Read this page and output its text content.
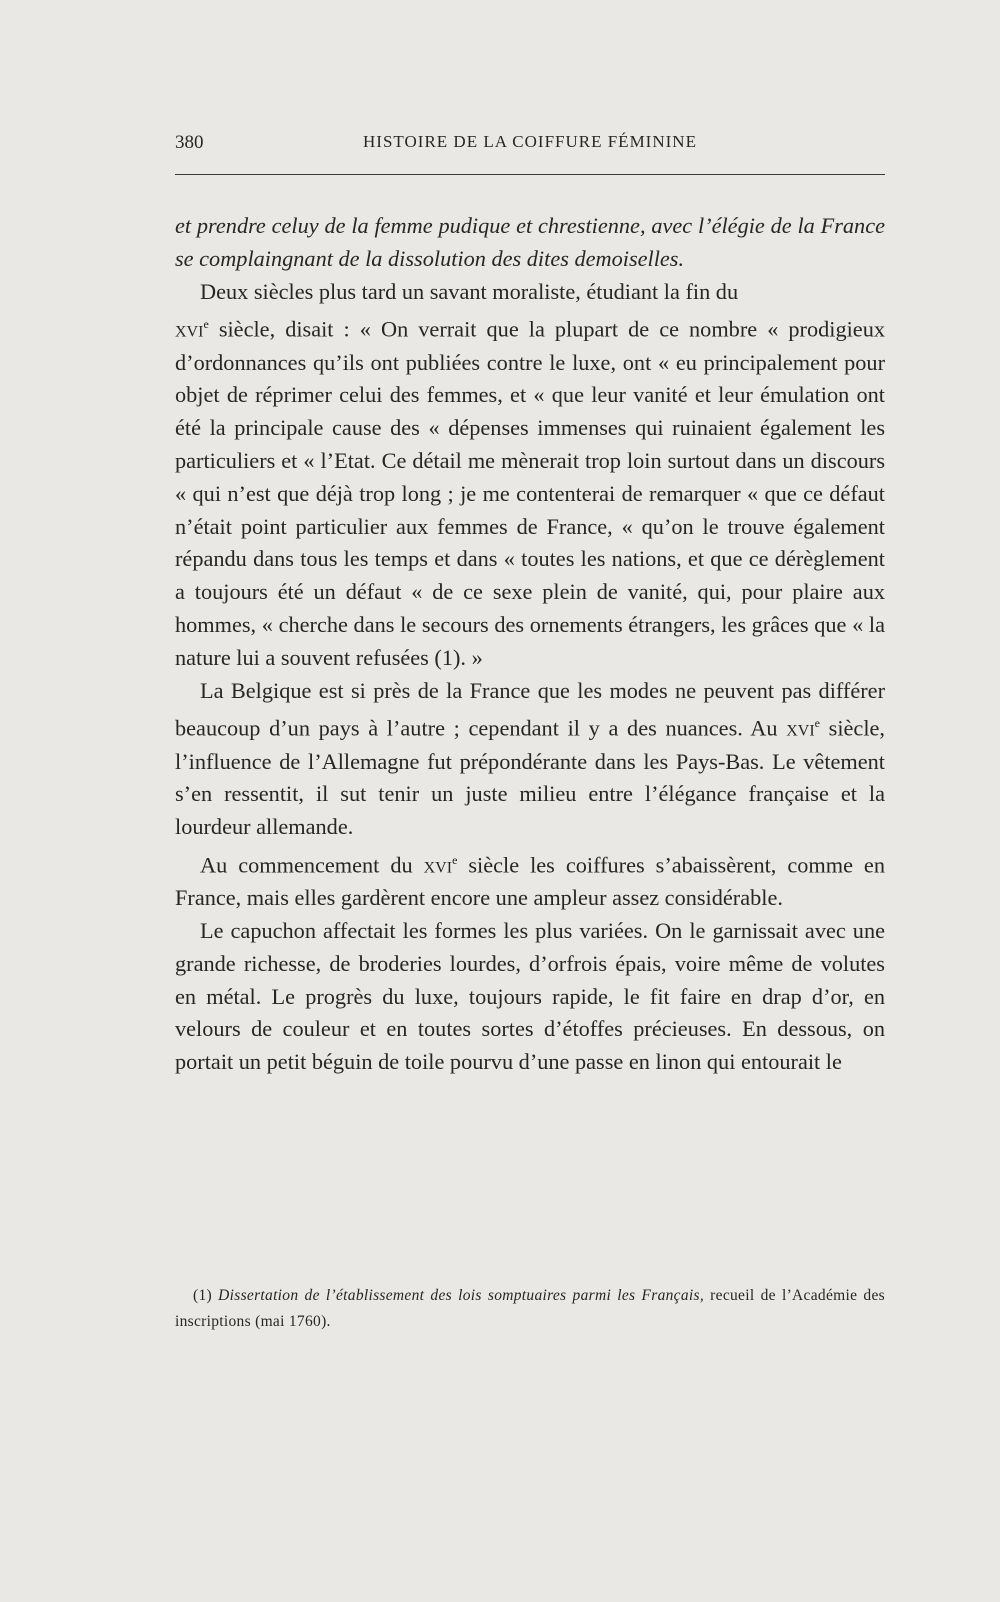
380	HISTOIRE DE LA COIFFURE FÉMININE

et prendre celuy de la femme pudique et chrestienne, avec l’élégie de la France se complaingnant de la dissolution des dites demoiselles.

Deux siècles plus tard un savant moraliste, étudiant la fin du
xvi$^e$ siècle, disait : « On verrait que la plupart de ce nombre « prodigieux d’ordonnances qu’ils ont publiées contre le luxe, ont « eu principalement pour objet de réprimer celui des femmes, et « que leur vanité et leur émulation ont été la principale cause des « dépenses immenses qui ruinaient également les particuliers et « l’Etat. Ce détail me mènerait trop loin surtout dans un discours « qui n’est que déjà trop long ; je me contenterai de remarquer « que ce défaut n’était point particulier aux femmes de France, « qu’on le trouve également répandu dans tous les temps et dans « toutes les nations, et que ce dérèglement a toujours été un défaut « de ce sexe plein de vanité, qui, pour plaire aux hommes, « cherche dans le secours des ornements étrangers, les grâces que « la nature lui a souvent refusées (1). »

La Belgique est si près de la France que les modes ne peuvent pas différer beaucoup d’un pays à l’autre ; cependant il y a des nuances. Au xvi$^e$ siècle, l’influence de l’Allemagne fut prépondérante dans les Pays-Bas. Le vêtement s’en ressentit, il sut tenir un juste milieu entre l’élégance française et la lourdeur allemande.

Au commencement du xvi$^e$ siècle les coiffures s’abaissèrent, comme en France, mais elles gardèrent encore une ampleur assez considérable.

Le capuchon affectait les formes les plus variées. On le garnissait avec une grande richesse, de broderies lourdes, d’orfrois épais, voire même de volutes en métal. Le progrès du luxe, toujours rapide, le fit faire en drap d’or, en velours de couleur et en toutes sortes d’étoffes précieuses. En dessous, on portait un petit béguin de toile pourvu d’une passe en linon qui entourait le

(1) Dissertation de l’établissement des lois somptuaires parmi les Français, recueil de l’Académie des inscriptions (mai 1760).
